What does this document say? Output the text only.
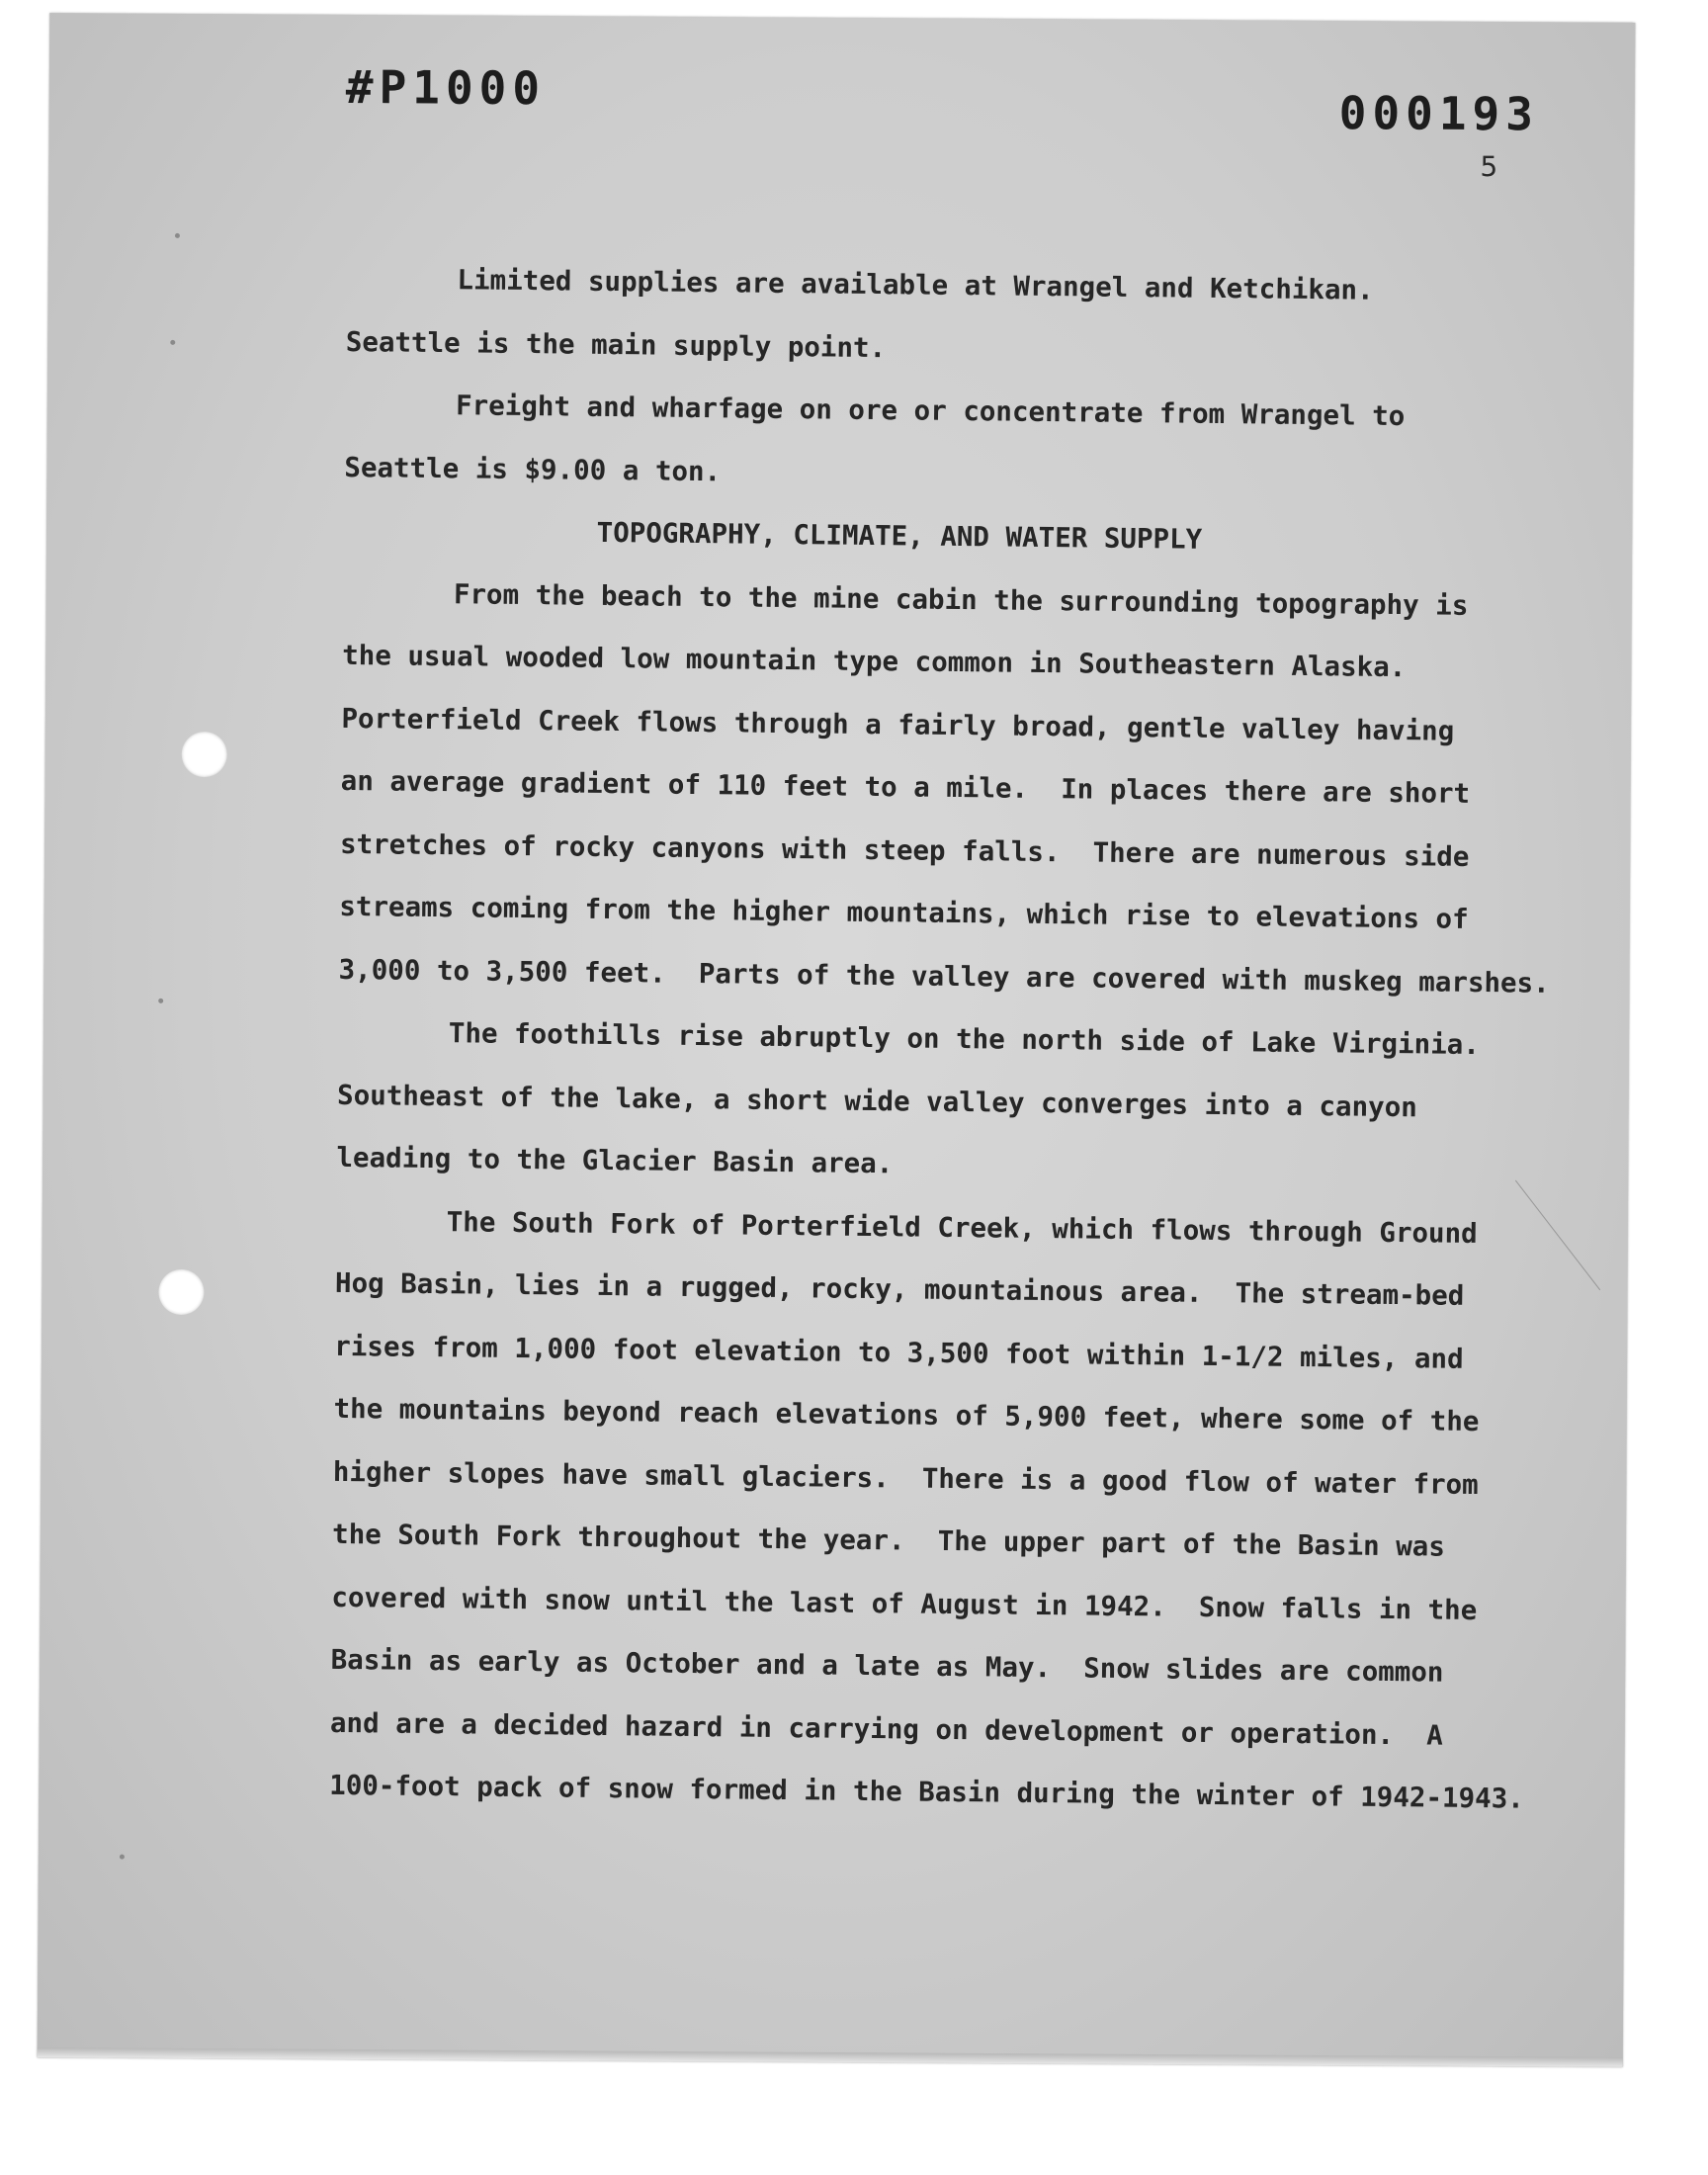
#P1000	000193
5

Limited supplies are available at Wrangel and Ketchikan.

Seattle is the main supply point.

Freight and wharfage on ore or concentrate from Wrangel to

Seattle is $9.00 a ton.

TOPOGRAPHY, CLIMATE, AND WATER SUPPLY

From the beach to the mine cabin the surrounding topography is

the usual wooded low mountain type common in Southeastern Alaska.

Porterfield Creek flows through a fairly broad, gentle valley having

an average gradient of 110 feet to a mile.  In places there are short

stretches of rocky canyons with steep falls.  There are numerous side

streams coming from the higher mountains, which rise to elevations of

3,000 to 3,500 feet.  Parts of the valley are covered with muskeg marshes.

The foothills rise abruptly on the north side of Lake Virginia.

Southeast of the lake, a short wide valley converges into a canyon

leading to the Glacier Basin area.

The South Fork of Porterfield Creek, which flows through Ground

Hog Basin, lies in a rugged, rocky, mountainous area.  The stream-bed

rises from 1,000 foot elevation to 3,500 foot within 1-1/2 miles, and

the mountains beyond reach elevations of 5,900 feet, where some of the

higher slopes have small glaciers.  There is a good flow of water from

the South Fork throughout the year.  The upper part of the Basin was

covered with snow until the last of August in 1942.  Snow falls in the

Basin as early as October and a late as May.  Snow slides are common

and are a decided hazard in carrying on development or operation.  A

100-foot pack of snow formed in the Basin during the winter of 1942-1943.
